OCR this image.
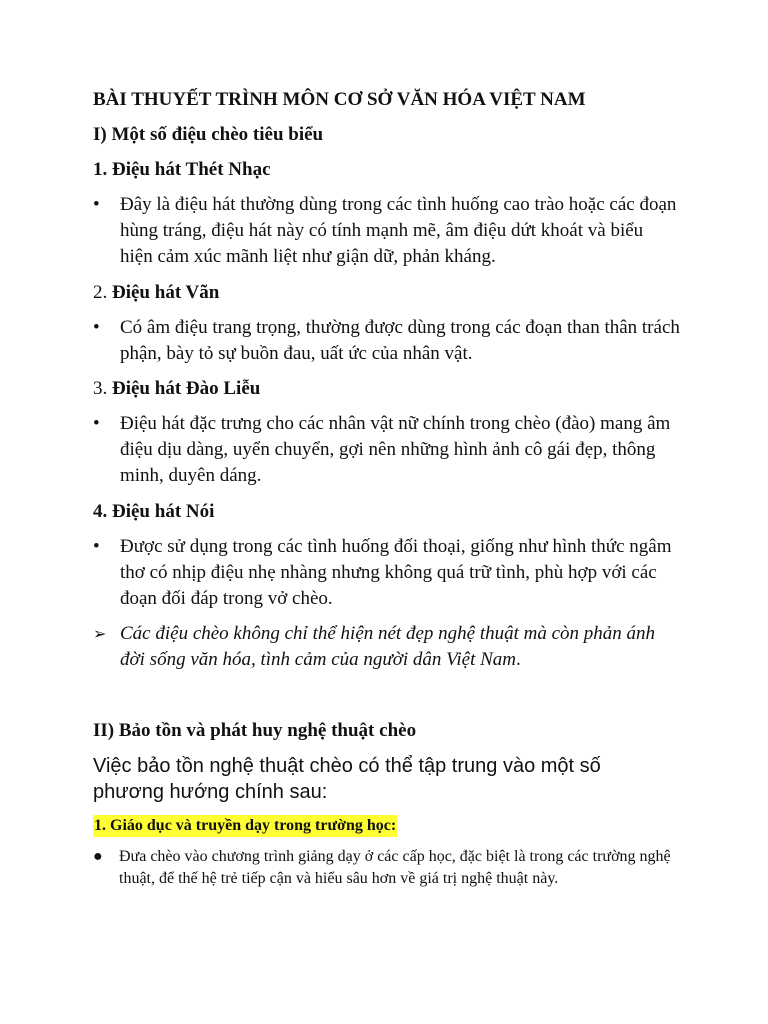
BÀI THUYẾT TRÌNH MÔN CƠ SỞ VĂN HÓA VIỆT NAM

I) Một số điệu chèo tiêu biểu

1. Điệu hát Thét Nhạc

•	Đây là điệu hát thường dùng trong các tình huống cao trào hoặc các đoạn hùng tráng, điệu hát này có tính mạnh mẽ, âm điệu dứt khoát và biểu hiện cảm xúc mãnh liệt như giận dữ, phản kháng.

2. Điệu hát Vãn

•	Có âm điệu trang trọng, thường được dùng trong các đoạn than thân trách phận, bày tỏ sự buồn đau, uất ức của nhân vật.

3. Điệu hát Đào Liễu

•	Điệu hát đặc trưng cho các nhân vật nữ chính trong chèo (đào) mang âm điệu dịu dàng, uyển chuyển, gợi nên những hình ảnh cô gái đẹp, thông minh, duyên dáng.

4. Điệu hát Nói

•	Được sử dụng trong các tình huống đối thoại, giống như hình thức ngâm thơ có nhịp điệu nhẹ nhàng nhưng không quá trữ tình, phù hợp với các đoạn đối đáp trong vở chèo.
➢ Các điệu chèo không chỉ thể hiện nét đẹp nghệ thuật mà còn phản ánh đời sống văn hóa, tình cảm của người dân Việt Nam.

II) Bảo tồn và phát huy nghệ thuật chèo

Việc bảo tồn nghệ thuật chèo có thể tập trung vào một số phương hướng chính sau:

1. Giáo dục và truyền dạy trong trường học:
● Đưa chèo vào chương trình giảng dạy ở các cấp học, đặc biệt là trong các trường nghệ thuật, để thế hệ trẻ tiếp cận và hiểu sâu hơn về giá trị nghệ thuật này.
